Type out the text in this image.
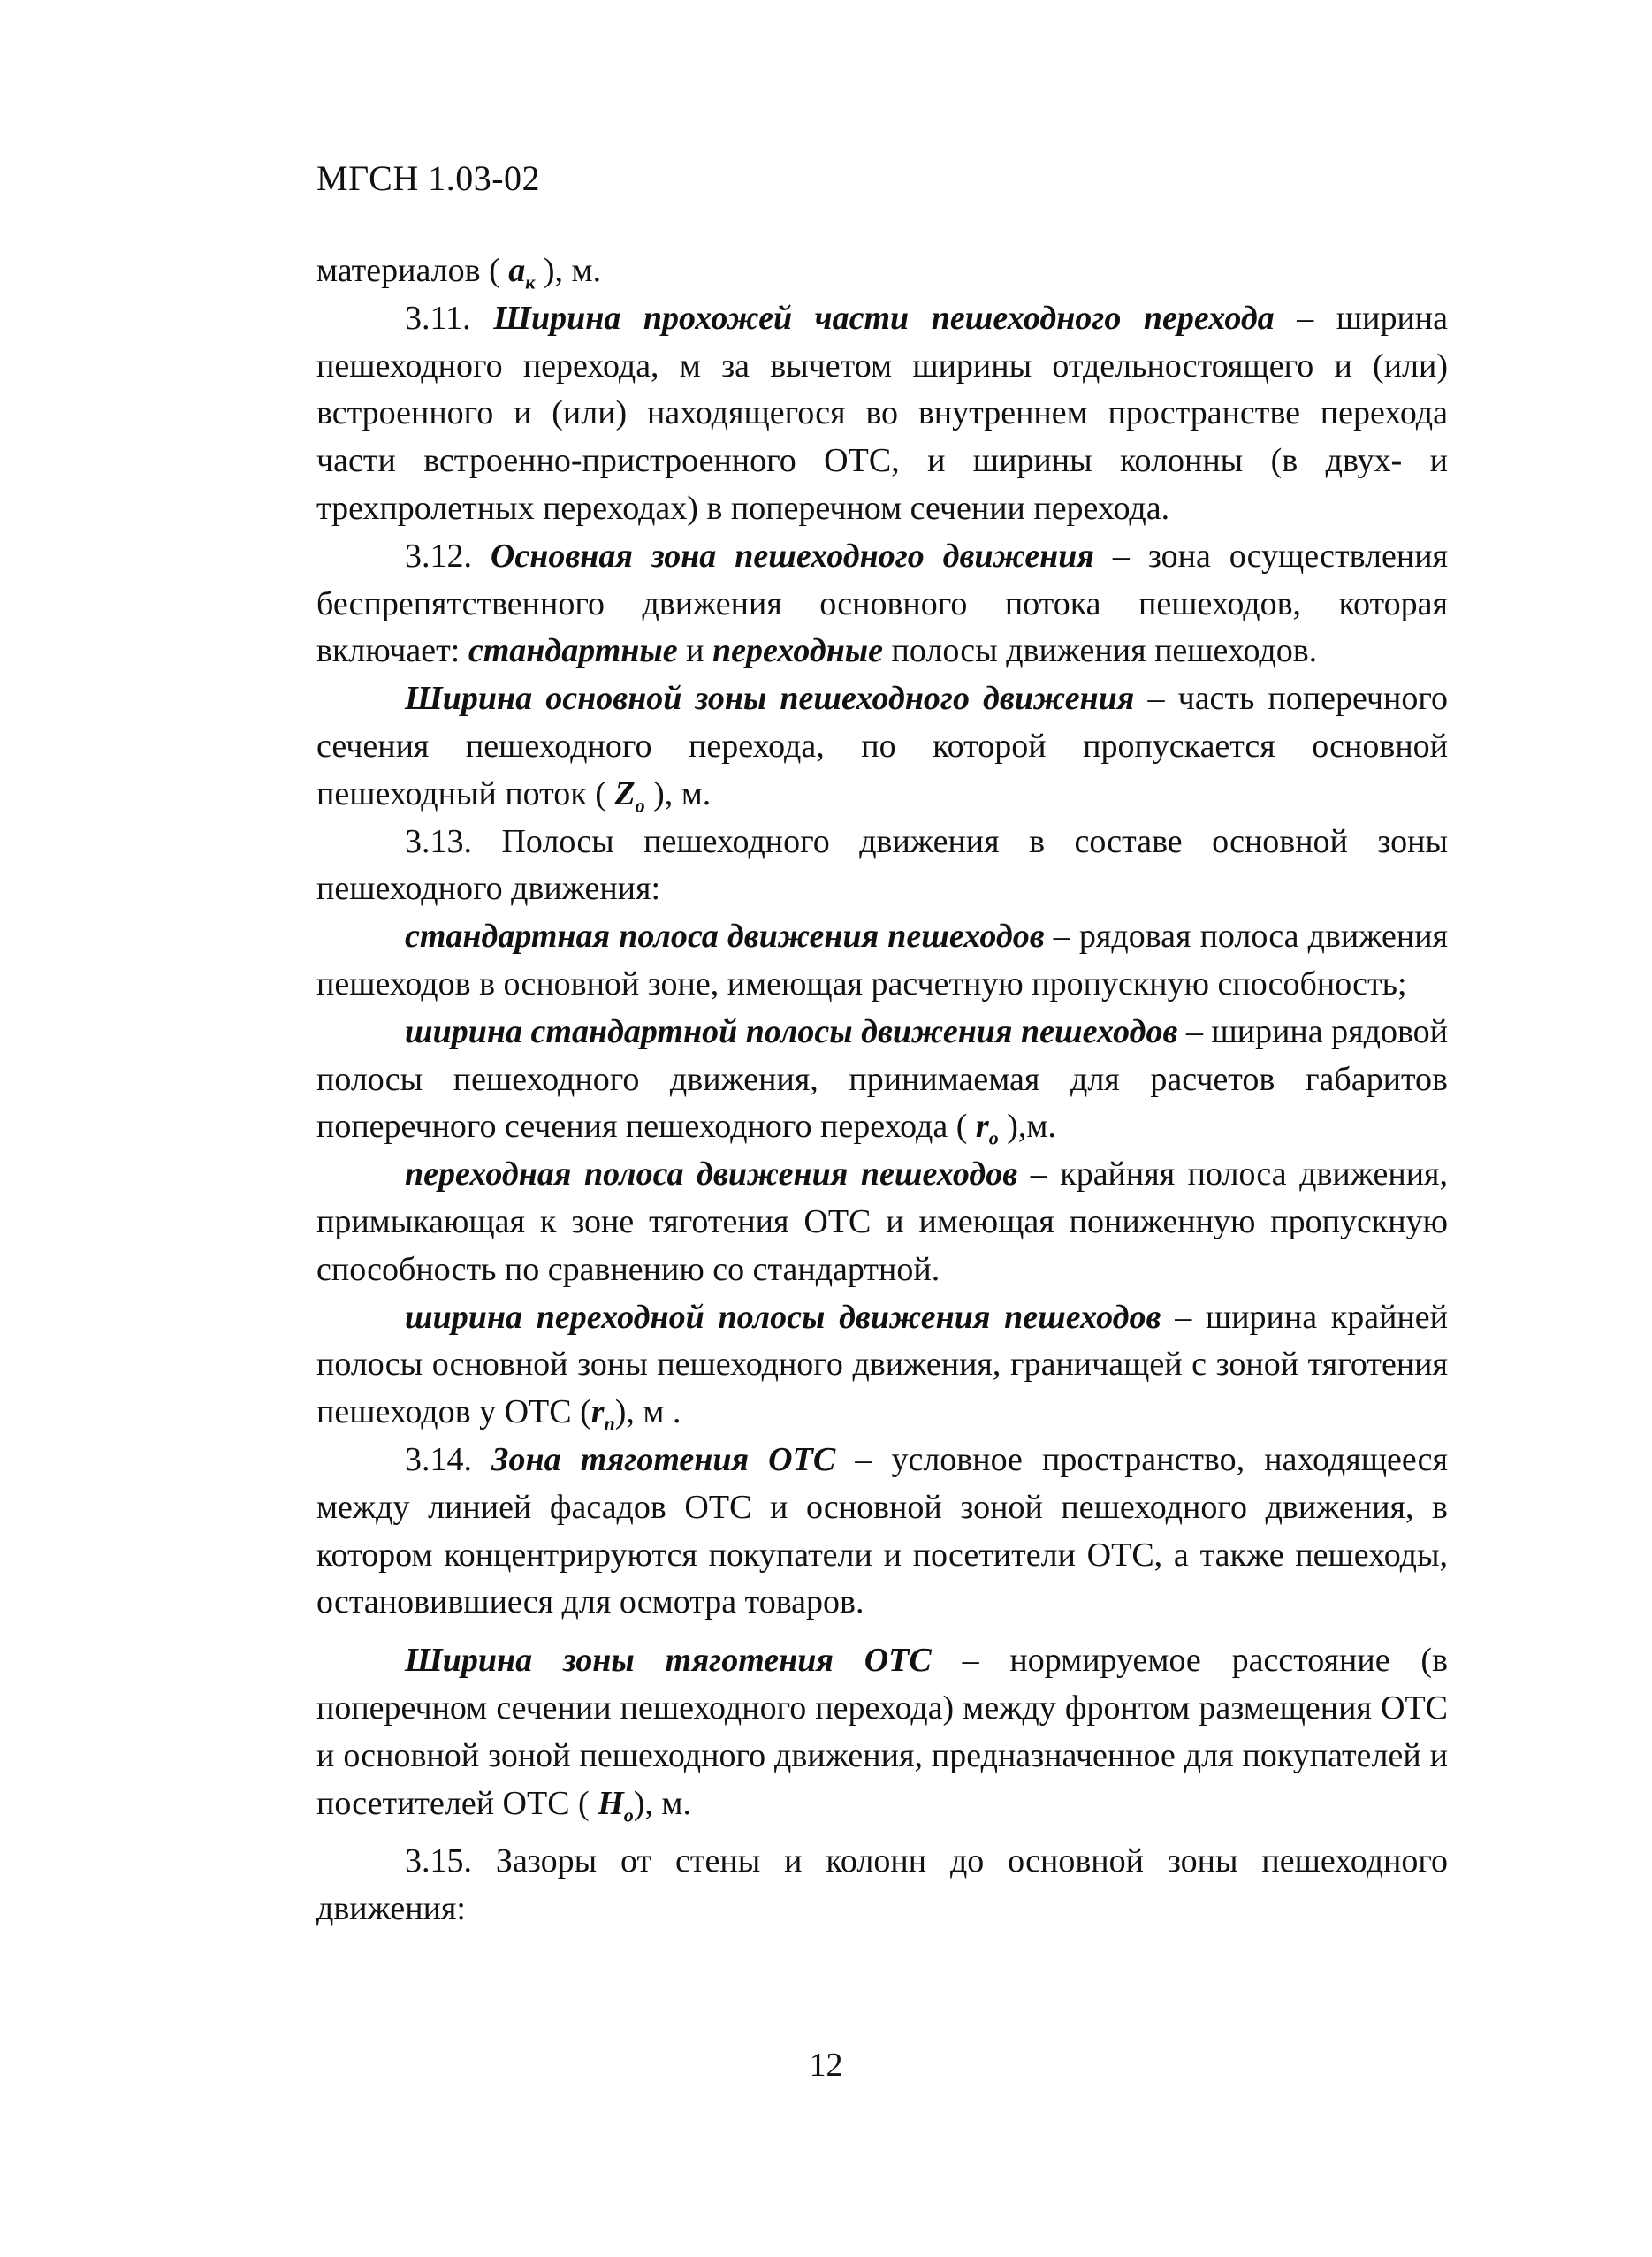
МГСН 1.03-02

материалов ( $a_к$ ), м.

3.11. Ширина прохожей части пешеходного перехода – ширина пешеходного перехода, м за вычетом ширины отдельностоящего и (или) встроенного и (или) находящегося во внутреннем пространстве перехода части встроенно-пристроенного ОТС, и ширины колонны (в двух- и трехпролетных переходах) в поперечном сечении перехода.

3.12. Основная зона пешеходного движения – зона осуществления беспрепятственного движения основного потока пешеходов, которая включает: стандартные и переходные полосы движения пешеходов.

Ширина основной зоны пешеходного движения – часть поперечного сечения пешеходного перехода, по которой пропускается основной пешеходный поток ( $Z_o$ ), м.

3.13. Полосы пешеходного движения в составе основной зоны пешеходного движения:

стандартная полоса движения пешеходов – рядовая полоса движения пешеходов в основной зоне, имеющая расчетную пропускную способность;

ширина стандартной полосы движения пешеходов – ширина рядовой полосы пешеходного движения, принимаемая для расчетов габаритов поперечного сечения пешеходного перехода ( $r_o$ ),м.

переходная полоса движения пешеходов – крайняя полоса движения, примыкающая к зоне тяготения ОТС и имеющая пониженную пропускную способность по сравнению со стандартной.

ширина переходной полосы движения пешеходов – ширина крайней полосы основной зоны пешеходного движения, граничащей с зоной тяготения пешеходов у ОТС $(r_п)$, м .

3.14. Зона тяготения ОТС – условное пространство, находящееся между линией фасадов ОТС и основной зоной пешеходного движения, в котором концентрируются покупатели и посетители ОТС, а также пешеходы, остановившиеся для осмотра товаров.

Ширина зоны тяготения ОТС – нормируемое расстояние (в поперечном сечении пешеходного перехода) между фронтом размещения ОТС и основной зоной пешеходного движения, предназначенное для покупателей и посетителей ОТС ( $H_o$), м.

3.15. Зазоры от стены и колонн до основной зоны пешеходного движения:

12
